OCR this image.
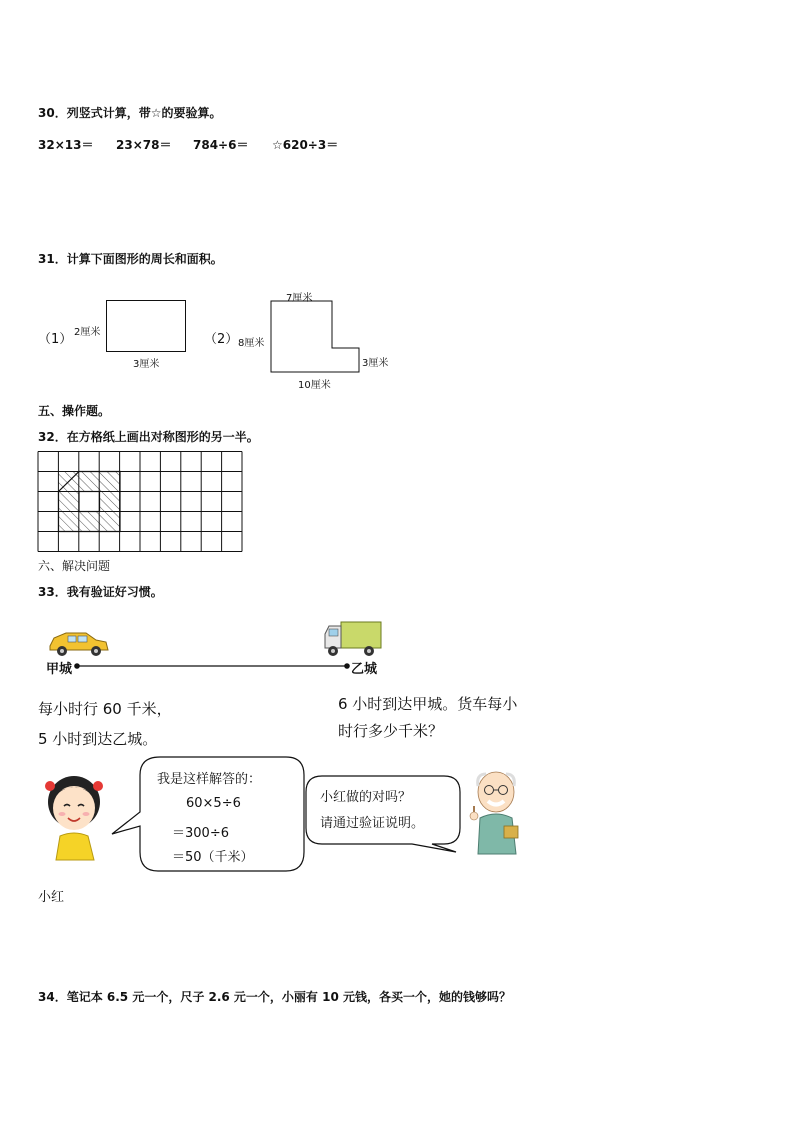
30．列竖式计算，带☆的要验算。
32×13＝ 23×78＝ 784÷6＝ ☆620÷3＝
31．计算下面图形的周长和面积。
（1） 2厘米
3厘米
（2）
7厘米
8厘米
3厘米
10厘米
五、操作题。
32．在方格纸上画出对称图形的另一半。
六、解决问题
33．我有验证好习惯。
甲城	乙城
每小时行 60 千米，
5 小时到达乙城。
6 小时到达甲城。货车每小
时行多少千米？
我是这样解答的：
60×5÷6
＝300÷6
＝50（千米）
小红做的对吗？
请通过验证说明。
小红
34．笔记本 6.5 元一个，尺子 2.6 元一个，小丽有 10 元钱，各买一个，她的钱够吗？
